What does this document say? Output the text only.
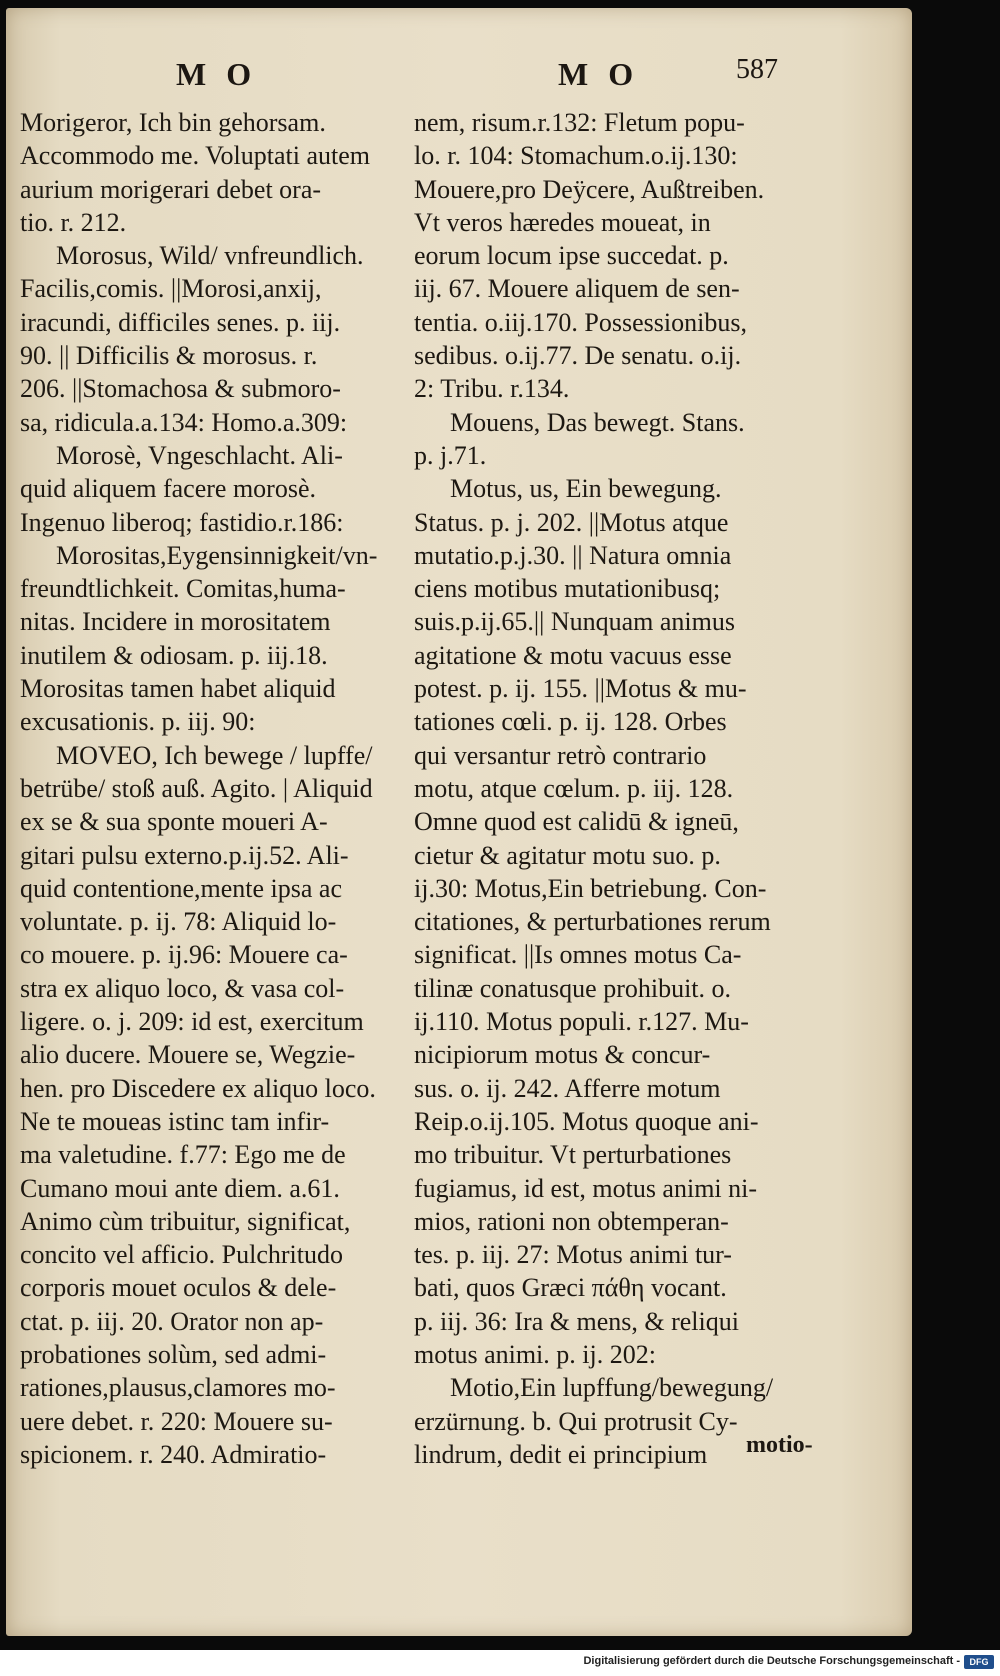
M O	M O	587
Morigeror, Ich bin gehorsam.
Accommodo me. Voluptati autem
aurium morigerari debet ora-
tio. r. 212.
Morosus, Wild/ vnfreundlich.
Facilis,comis. ||Morosi,anxij,
iracundi, difficiles senes. p. iij.
90. || Difficilis & morosus. r.
206. ||Stomachosa & submoro-
sa, ridicula.a.134: Homo.a.309:
Morosè, Vngeschlacht. Ali-
quid aliquem facere morosè.
Ingenuo liberoq; fastidio.r.186:
Morositas,Eygensinnigkeit/vn-
freundtlichkeit. Comitas,huma-
nitas. Incidere in morositatem
inutilem & odiosam. p. iij.18.
Morositas tamen habet aliquid
excusationis. p. iij. 90:
MOVEO, Ich bewege / lupffe/
betrübe/ stoß auß. Agito. | Aliquid
ex se & sua sponte moueri A-
gitari pulsu externo.p.ij.52. Ali-
quid contentione,mente ipsa ac
voluntate. p. ij. 78: Aliquid lo-
co mouere. p. ij.96: Mouere ca-
stra ex aliquo loco, & vasa col-
ligere. o. j. 209: id est, exercitum
alio ducere. Mouere se, Wegzie-
hen. pro Discedere ex aliquo loco.
Ne te moueas istinc tam infir-
ma valetudine. f.77: Ego me de
Cumano moui ante diem. a.61.
Animo cùm tribuitur, significat,
concito vel afficio. Pulchritudo
corporis mouet oculos & dele-
ctat. p. iij. 20. Orator non ap-
probationes solùm, sed admi-
rationes,plausus,clamores mo-
uere debet. r. 220: Mouere su-
spicionem. r. 240. Admiratio-
nem, risum.r.132: Fletum popu-
lo. r. 104: Stomachum.o.ij.130:
Mouere,pro Deÿcere, Außtreiben.
Vt veros hæredes moueat, in
eorum locum ipse succedat. p.
iij. 67. Mouere aliquem de sen-
tentia. o.iij.170. Possessionibus,
sedibus. o.ij.77. De senatu. o.ij.
2: Tribu. r.134.
Mouens, Das bewegt. Stans.
p. j.71.
Motus, us, Ein bewegung.
Status. p. j. 202. ||Motus atque
mutatio.p.j.30. || Natura omnia
ciens motibus mutationibusq;
suis.p.ij.65.|| Nunquam animus
agitatione & motu vacuus esse
potest. p. ij. 155. ||Motus & mu-
tationes cœli. p. ij. 128. Orbes
qui versantur retrò contrario
motu, atque cœlum. p. iij. 128.
Omne quod est calidū & igneū,
cietur & agitatur motu suo. p.
ij.30: Motus,Ein betriebung. Con-
citationes, & perturbationes rerum
significat. ||Is omnes motus Ca-
tilinæ conatusque prohibuit. o.
ij.110. Motus populi. r.127. Mu-
nicipiorum motus & concur-
sus. o. ij. 242. Afferre motum
Reip.o.ij.105. Motus quoque ani-
mo tribuitur. Vt perturbationes
fugiamus, id est, motus animi ni-
mios, rationi non obtemperan-
tes. p. iij. 27: Motus animi tur-
bati, quos Græci πάθη vocant.
p. iij. 36: Ira & mens, & reliqui
motus animi. p. ij. 202:
Motio,Ein lupffung/bewegung/
erzürnung. b. Qui protrusit Cy-
lindrum, dedit ei principium	motio-
Digitalisierung gefördert durch die Deutsche Forschungsgemeinschaft -	DFG
